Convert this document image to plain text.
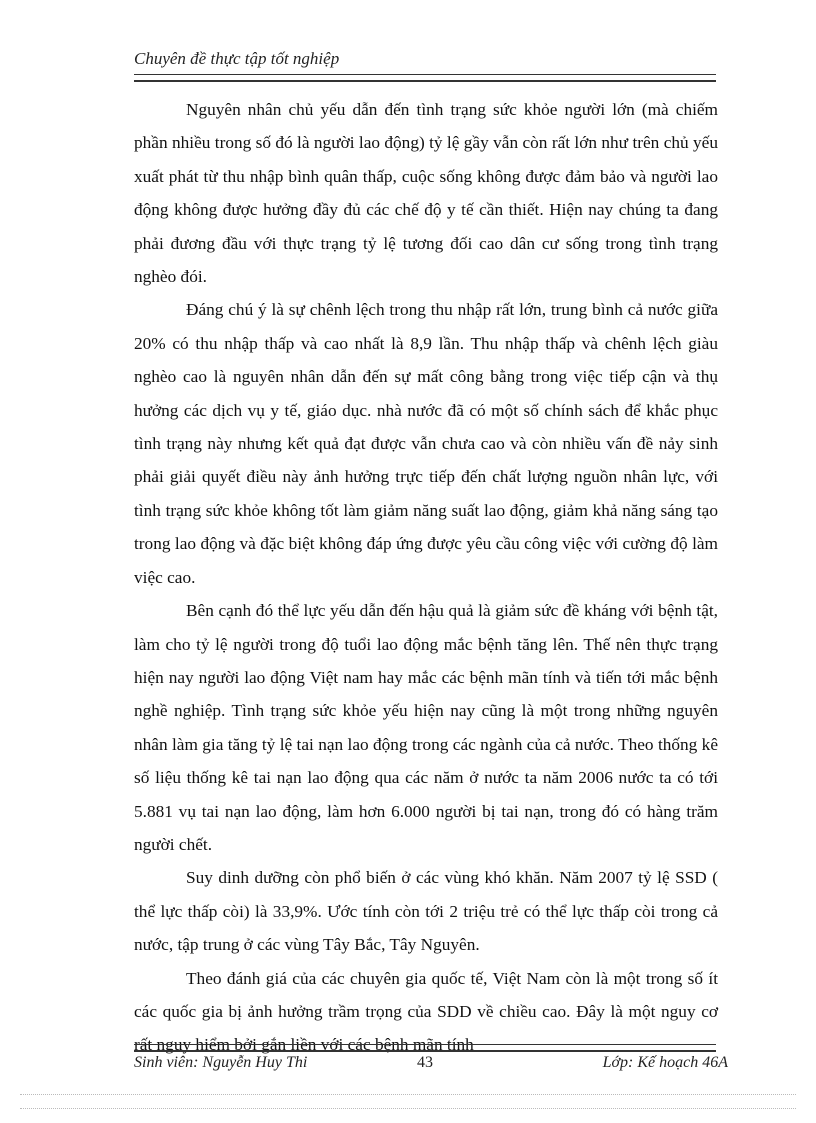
Chuyên đề thực tập tốt nghiệp

Nguyên nhân chủ yếu dẫn đến tình trạng sức khỏe người lớn (mà chiếm phần nhiều trong số đó là người lao động) tỷ lệ gầy vẫn còn rất lớn như trên chủ yếu xuất phát từ thu nhập bình quân thấp, cuộc sống không được đảm bảo và người lao động không được hưởng đầy đủ các chế độ y tế cần thiết. Hiện nay chúng ta đang phải đương đầu với thực trạng tỷ lệ tương đối cao dân cư sống trong tình trạng nghèo đói.

Đáng chú ý là sự chênh lệch trong thu nhập rất lớn, trung bình cả nước giữa 20% có thu nhập thấp và cao nhất là 8,9 lần. Thu nhập thấp và chênh lệch giàu nghèo cao là nguyên nhân dẫn đến sự mất công bằng trong việc tiếp cận và thụ hưởng các dịch vụ y tế, giáo dục. nhà nước đã có một số chính sách để khắc phục tình trạng này nhưng kết quả đạt được vẫn chưa cao và còn nhiều vấn đề nảy sinh phải giải quyết điều này ảnh hưởng trực tiếp đến chất lượng nguồn nhân lực, với tình trạng sức khỏe không tốt làm giảm năng suất lao động, giảm khả năng sáng tạo trong lao động và đặc biệt không đáp ứng được yêu cầu công việc với cường độ làm việc cao.

Bên cạnh đó thể lực yếu dẫn đến hậu quả là giảm sức đề kháng với bệnh tật, làm cho tỷ lệ người trong độ tuổi lao động mắc bệnh tăng lên. Thế nên thực trạng hiện nay người lao động Việt nam hay mắc các bệnh mãn tính và tiến tới mắc bệnh nghề nghiệp. Tình trạng sức khỏe yếu hiện nay cũng là một trong những nguyên nhân làm gia tăng tỷ lệ tai nạn lao động trong các ngành của cả nước. Theo thống kê số liệu thống kê tai nạn lao động qua các năm ở nước ta năm 2006 nước ta có tới 5.881 vụ tai nạn lao động, làm hơn 6.000 người bị tai nạn, trong đó có hàng trăm người chết.

Suy dinh dưỡng còn phổ biến ở các vùng khó khăn. Năm 2007 tỷ lệ SSD ( thể lực thấp còi) là 33,9%. Ước tính còn tới 2 triệu trẻ có thể lực thấp còi trong cả nước, tập trung ở các vùng Tây Bắc, Tây Nguyên.

Theo đánh giá của các chuyên gia quốc tế, Việt Nam còn là một trong số ít các quốc gia bị ảnh hưởng trầm trọng của SDD về chiều cao. Đây là một nguy cơ rất nguy hiểm bởi gắn liền với các bệnh mãn tính

Sinh viên: Nguyễn Huy Thi	43	Lớp: Kế hoạch 46A
